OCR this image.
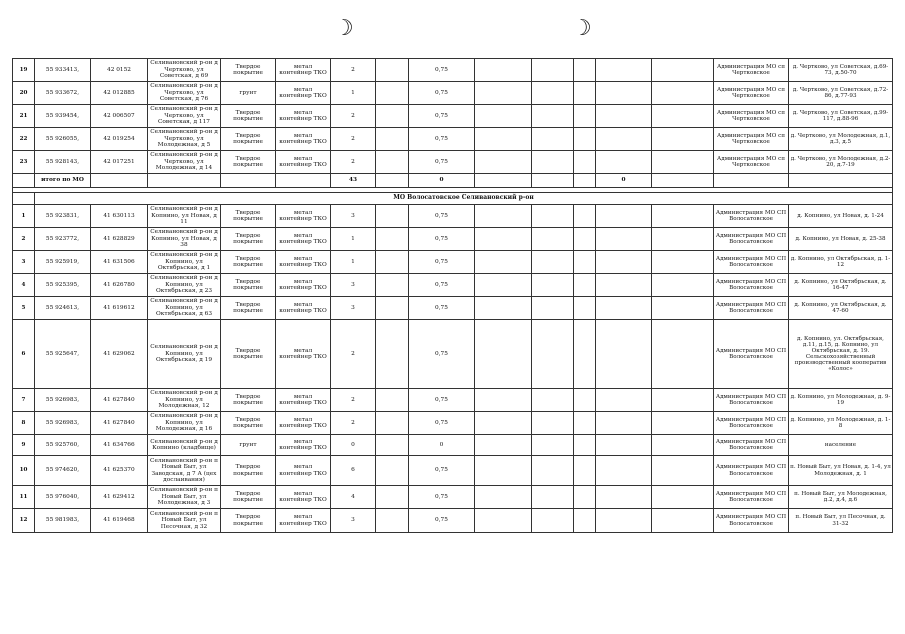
☽	☽
19	55 933413,	42 0152	Селивановский р-он д Чертково, ул Советская, д 69	Твердое покрытие	метал контейнер ТКО	2		0,75						Администрация МО сп Чертковское	д. Чертково, ул Советская, д.69-73, д.50-70
20	55 933672,	42 012885	Селивановский р-он д Чертково, ул Советская, д 76	грунт	метал контейнер ТКО	1		0,75						Администрация МО сп Чертковское	д. Чертково, ул Советская, д.72-86, д.77-93
21	55 939454,	42 006507	Селивановский р-он д Чертково, ул Советская, д 117	Твердое покрытие	метал контейнер ТКО	2		0,75						Администрация МО сп Чертковское	д. Чертково, ул Советская, д.99-117, д.88-96
22	55 926055,	42 019254	Селивановский р-он д Чертково, ул Молодежная, д 5	Твердое покрытие	метал контейнер ТКО	2		0,75						Администрация МО сп Чертковское	д. Чертково, ул Молодежная, д.1, д.3, д.5
23	55 928143,	42 017251	Селивановский р-он д Чертково, ул Молодежная, д 14	Твердое покрытие	метал контейнер ТКО	2		0,75						Администрация МО сп Чертковское	д. Чертково, ул Молодежная, д.2-20, д.7-19
	итого по МО					43		0				0			

	МО Волосатовское Селивановский р-он														
1	55 923831,	41 630113	Селивановский р-он д Копнино, ул Новая, д 11	Твердое покрытие	метал контейнер ТКО	3		0,75						Администрация МО СП Волосатовское	д. Копнино, ул Новая, д. 1-24
2	55 923772,	41 628829	Селивановский р-он д Копнино, ул Новая, д 38	Твердое покрытие	метал контейнер ТКО	1		0,75						Администрация МО СП Волосатовское	д. Копнино, ул Новая, д. 25-38
3	55 925919,	41 631506	Селивановский р-он д Копнино, ул Октябрьская, д 1	Твердое покрытие	метал контейнер ТКО	1		0,75						Администрация МО СП Волосатовское	д. Копнино, ул Октябрьская, д. 1-12
4	55 925395,	41 626780	Селивановский р-он д Копнино, ул Октябрьская, д 23	Твердое покрытие	метал контейнер ТКО	3		0,75						Администрация МО СП Волосатовское	д. Копнино, ул Октябрьская, д. 16-47
5	55 924613,	41 619612	Селивановский р-он д Копнино, ул Октябрьская, д 63	Твердое покрытие	метал контейнер ТКО	3		0,75						Администрация МО СП Волосатовское	д. Копнино, ул Октябрьская, д. 47-60
6	55 925647,	41 629062	Селивановский р-он д Копнино, ул Октябрьская, д 19	Твердое покрытие	метал контейнер ТКО	2		0,75						Администрация МО СП Волосатовское	д. Копнино, ул. Октябрьская, д.11, д.15, д. Копнино, ул Октябрьская, д. 19. Сельскохозяйственный производственный кооператив «Колос»
7	55 926983,	41 627840	Селивановский р-он д Копнино, ул Молодежная, 12	Твердое покрытие	метал контейнер ТКО	2		0,75						Администрация МО СП Волосатовское	д. Копнино, ул Молодежная, д. 9-19
8	55 926983,	41 627840	Селивановский р-он д Копнино, ул Молодежная, д 16	Твердое покрытие	метал контейнер ТКО	2		0,75						Администрация МО СП Волосатовское	д. Копнино, ул Молодежная, д. 1-8
9	55 925760,	41 634766	Селивановский р-он д Копнино (кладбище)	грунт	метал контейнер ТКО	0		0						Администрация МО СП Волосатовское	население
10	55 974620,	41 625370	Селивановский р-он п Новый Быт, ул Заводская, д 7 А (цех дослаивания)	Твердое покрытие	метал контейнер ТКО	6		0,75						Администрация МО СП Волосатовское	п. Новый Быт, ул Новая, д. 1-4, ул Молодежная, д. 1
11	55 976040,	41 629412	Селивановский р-он п Новый Быт, ул Молодежная, д 3	Твердое покрытие	метал контейнер ТКО	4		0,75						Администрация МО СП Волосатовское	п. Новый Быт, ул Молодежная, д.2, д.4, д.6
12	55 981983,	41 619468	Селивановский р-он п Новый Быт, ул Песочная, д 32	Твердое покрытие	метал контейнер ТКО	3		0,75						Администрация МО СП Волосатовское	п. Новый Быт, ул Песочная, д. 31-32
